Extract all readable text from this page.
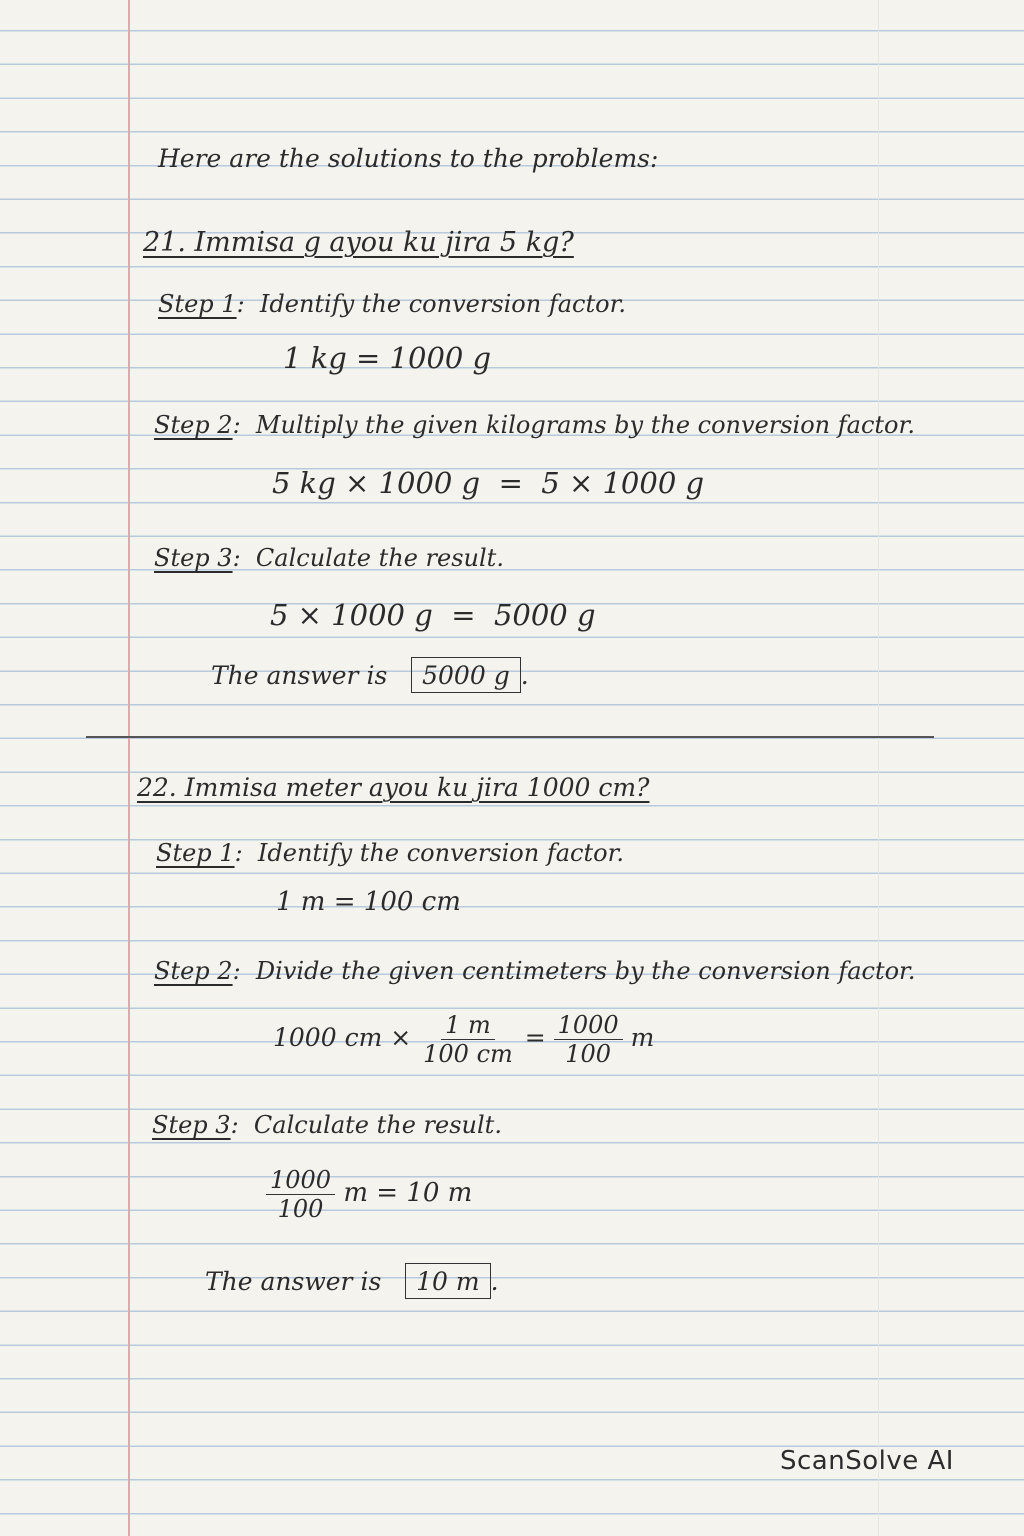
Here are the solutions to the problems:
21. Immisa g ayou ku jira 5 kg?
Step 1:  Identify the conversion factor.
1 kg = 1000 g
Step 2:  Multiply the given kilograms by the conversion factor.
5 kg × 1000 g  =  5 × 1000 g
Step 3:  Calculate the result.
5 × 1000 g  =  5000 g
The answer is 5000 g .
22. Immisa meter ayou ku jira 1000 cm?
Step 1:  Identify the conversion factor.
1 m = 100 cm
Step 2:  Divide the given centimeters by the conversion factor.
1000 cm × $\frac{1 m}{100 cm} = \frac{1000}{100}$ m
Step 3:  Calculate the result.
$\frac{1000}{100}$ m = 10 m
The answer is 10 m .
ScanSolve AI
